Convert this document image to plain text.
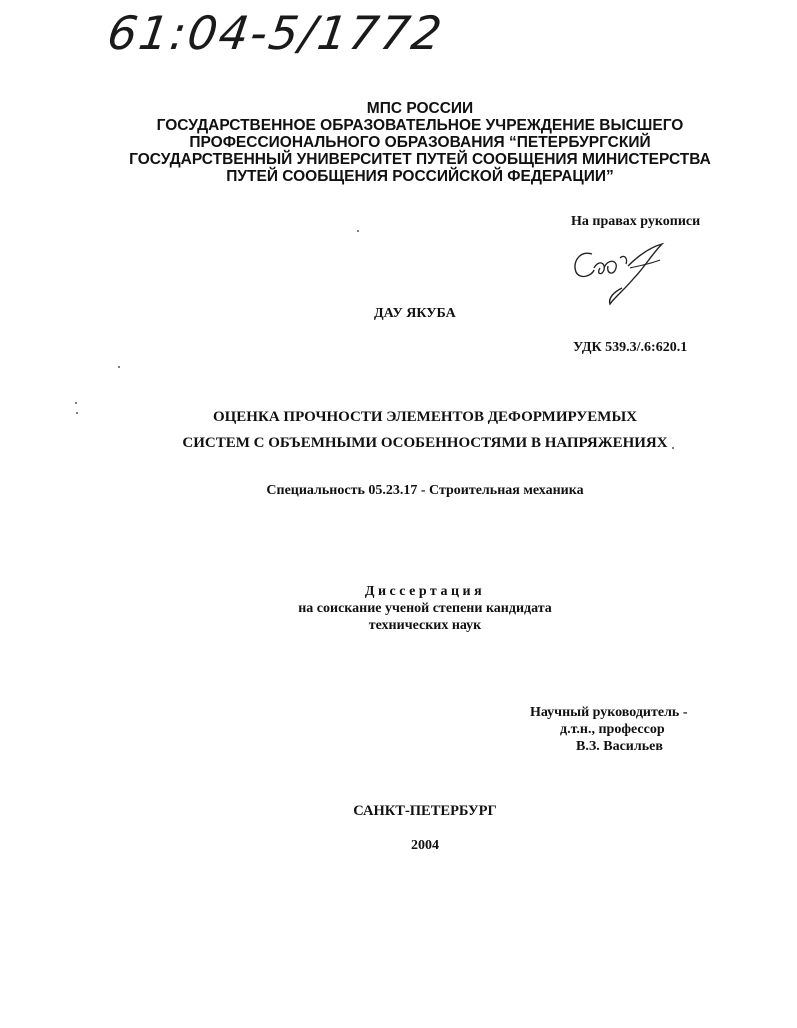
61:04-5/1772
МПС РОССИИ
ГОСУДАРСТВЕННОЕ ОБРАЗОВАТЕЛЬНОЕ УЧРЕЖДЕНИЕ ВЫСШЕГО
ПРОФЕССИОНАЛЬНОГО ОБРАЗОВАНИЯ “ПЕТЕРБУРГСКИЙ
ГОСУДАРСТВЕННЫЙ УНИВЕРСИТЕТ ПУТЕЙ СООБЩЕНИЯ МИНИСТЕРСТВА
ПУТЕЙ СООБЩЕНИЯ РОССИЙСКОЙ ФЕДЕРАЦИИ”
На правах рукописи
ДАУ ЯКУБА
УДК 539.3/.6:620.1
ОЦЕНКА ПРОЧНОСТИ ЭЛЕМЕНТОВ ДЕФОРМИРУЕМЫХ
СИСТЕМ С ОБЪЕМНЫМИ ОСОБЕННОСТЯМИ В НАПРЯЖЕНИЯХ
Специальность 05.23.17 - Строительная механика
Диссертация
на соискание ученой степени кандидата
технических наук
Научный руководитель -
д.т.н., профессор
В.З. Васильев
САНКТ-ПЕТЕРБУРГ
2004
